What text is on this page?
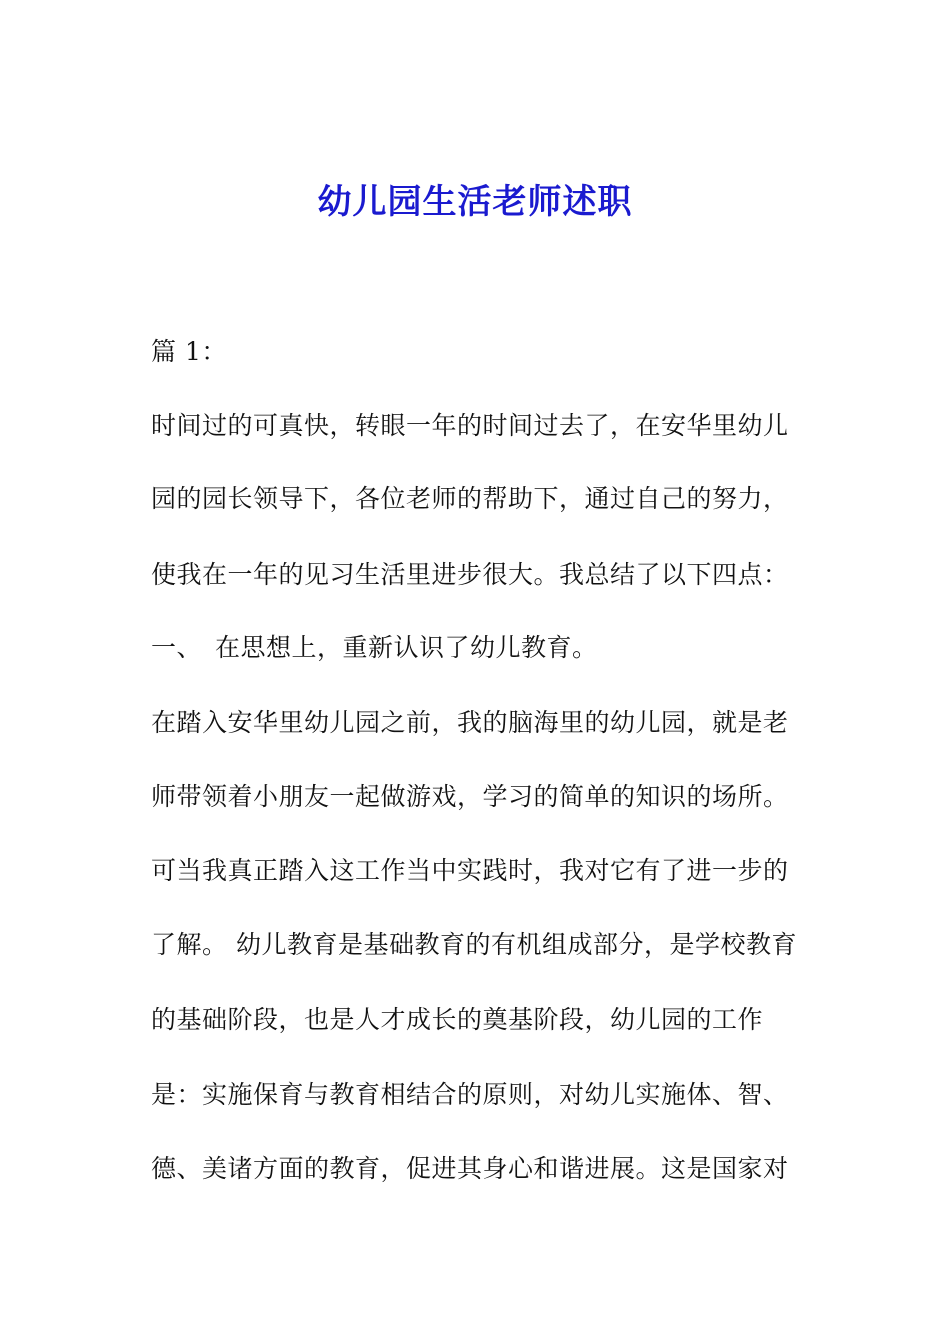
幼儿园生活老师述职
篇 1：
时间过的可真快，转眼一年的时间过去了，在安华里幼儿
园的园长领导下，各位老师的帮助下，通过自己的努力，
使我在一年的见习生活里进步很大。我总结了以下四点：
一、 在思想上，重新认识了幼儿教育。
在踏入安华里幼儿园之前，我的脑海里的幼儿园，就是老
师带领着小朋友一起做游戏，学习的简单的知识的场所。
可当我真正踏入这工作当中实践时，我对它有了进一步的
了解。 幼儿教育是基础教育的有机组成部分，是学校教育
的基础阶段，也是人才成长的奠基阶段，幼儿园的工作
是：实施保育与教育相结合的原则，对幼儿实施体、智、
德、美诸方面的教育，促进其身心和谐进展。这是国家对
